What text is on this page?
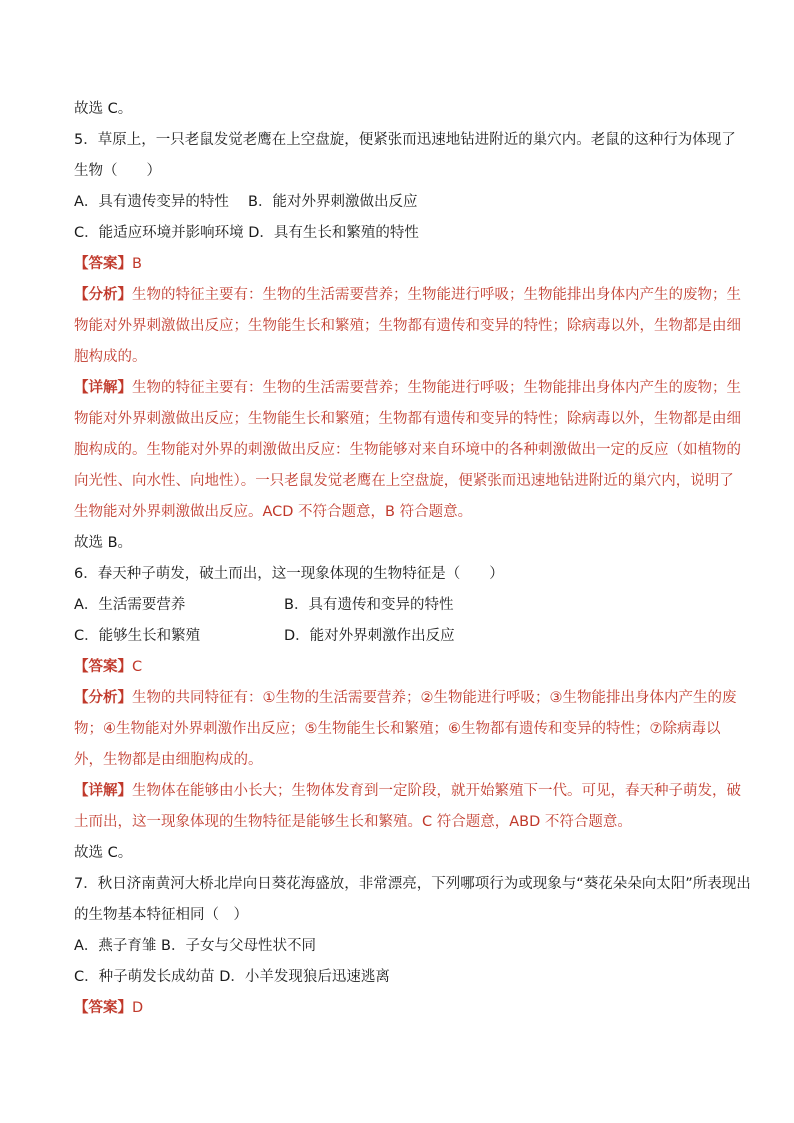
故选 C。
5．草原上，一只老鼠发觉老鹰在上空盘旋，便紧张而迅速地钻进附近的巢穴内。老鼠的这种行为体现了
生物（　　）
A．具有遗传变异的特性　 B．能对外界刺激做出反应
C．能适应环境并影响环境 D．具有生长和繁殖的特性
【答案】B
【分析】生物的特征主要有：生物的生活需要营养；生物能进行呼吸；生物能排出身体内产生的废物；生
物能对外界刺激做出反应；生物能生长和繁殖；生物都有遗传和变异的特性；除病毒以外，生物都是由细
胞构成的。
【详解】生物的特征主要有：生物的生活需要营养；生物能进行呼吸；生物能排出身体内产生的废物；生
物能对外界刺激做出反应；生物能生长和繁殖；生物都有遗传和变异的特性；除病毒以外，生物都是由细
胞构成的。生物能对外界的刺激做出反应：生物能够对来自环境中的各种刺激做出一定的反应（如植物的
向光性、向水性、向地性）。一只老鼠发觉老鹰在上空盘旋，便紧张而迅速地钻进附近的巢穴内，说明了
生物能对外界刺激做出反应。ACD 不符合题意，B 符合题意。
故选 B。
6．春天种子萌发，破土而出，这一现象体现的生物特征是（　　）
A．生活需要营养	B．具有遗传和变异的特性
C．能够生长和繁殖	D．能对外界刺激作出反应
【答案】C
【分析】生物的共同特征有：①生物的生活需要营养；②生物能进行呼吸；③生物能排出身体内产生的废
物；④生物能对外界刺激作出反应；⑤生物能生长和繁殖；⑥生物都有遗传和变异的特性；⑦除病毒以
外，生物都是由细胞构成的。
【详解】生物体在能够由小长大；生物体发育到一定阶段，就开始繁殖下一代。可见，春天种子萌发，破
土而出，这一现象体现的生物特征是能够生长和繁殖。C 符合题意，ABD 不符合题意。
故选 C。
7．秋日济南黄河大桥北岸向日葵花海盛放，非常漂亮，下列哪项行为或现象与“葵花朵朵向太阳”所表现出
的生物基本特征相同（　）
A．燕子育雏 B．子女与父母性状不同
C．种子萌发长成幼苗 D．小羊发现狼后迅速逃离
【答案】D
